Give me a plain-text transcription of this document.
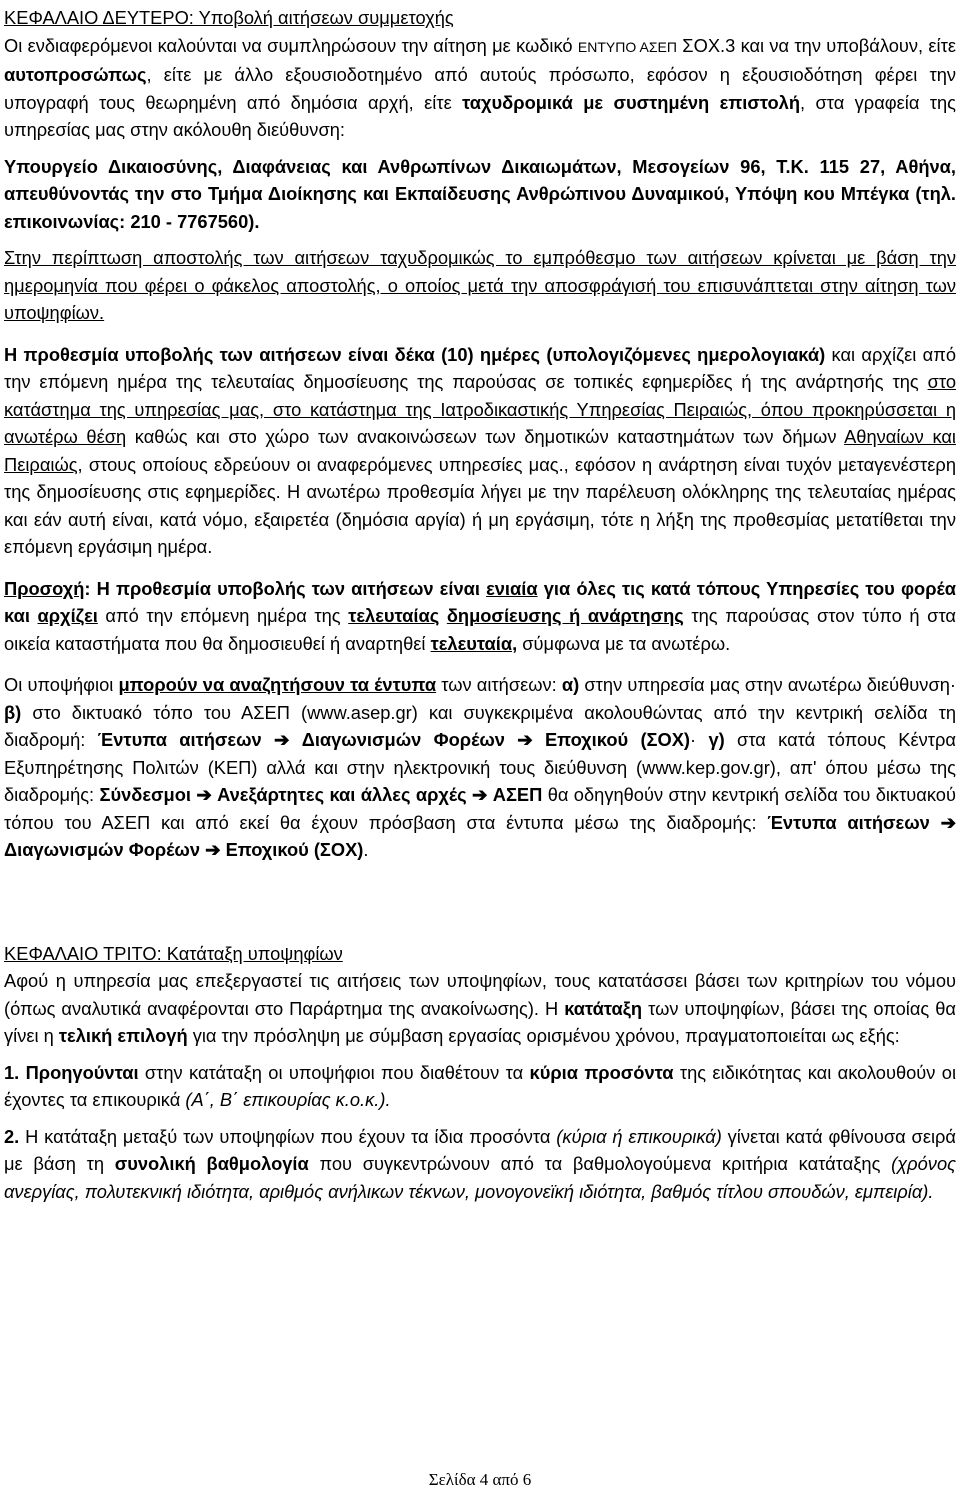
ΚΕΦΑΛΑΙΟ ΔΕΥΤΕΡΟ: Υποβολή αιτήσεων συμμετοχής

Οι ενδιαφερόμενοι καλούνται να συμπληρώσουν την αίτηση με κωδικό ΕΝΤΥΠΟ ΑΣΕΠ ΣΟΧ.3 και να την υποβάλουν, είτε αυτοπροσώπως, είτε με άλλο εξουσιοδοτημένο από αυτούς πρόσωπο, εφόσον η εξουσιοδότηση φέρει την υπογραφή τους θεωρημένη από δημόσια αρχή, είτε ταχυδρομικά με συστημένη επιστολή, στα γραφεία της υπηρεσίας μας στην ακόλουθη διεύθυνση:

Υπουργείο Δικαιοσύνης, Διαφάνειας και Ανθρωπίνων Δικαιωμάτων, Μεσογείων 96, Τ.Κ. 115 27, Αθήνα, απευθύνοντάς την στο Τμήμα Διοίκησης και Εκπαίδευσης Ανθρώπινου Δυναμικού, Υπόψη κου Μπέγκα (τηλ. επικοινωνίας: 210 - 7767560).

Στην περίπτωση αποστολής των αιτήσεων ταχυδρομικώς το εμπρόθεσμο των αιτήσεων κρίνεται με βάση την ημερομηνία που φέρει ο φάκελος αποστολής, ο οποίος μετά την αποσφράγισή του επισυνάπτεται στην αίτηση των υποψηφίων.

Η προθεσμία υποβολής των αιτήσεων είναι δέκα (10) ημέρες (υπολογιζόμενες ημερολογιακά) και αρχίζει από την επόμενη ημέρα της τελευταίας δημοσίευσης της παρούσας σε τοπικές εφημερίδες ή της ανάρτησής της στο κατάστημα της υπηρεσίας μας, στο κατάστημα της Ιατροδικαστικής Υπηρεσίας Πειραιώς, όπου προκηρύσσεται η ανωτέρω θέση καθώς και στο χώρο των ανακοινώσεων των δημοτικών καταστημάτων των δήμων Αθηναίων και Πειραιώς, στους οποίους εδρεύουν οι αναφερόμενες υπηρεσίες μας., εφόσον η ανάρτηση είναι τυχόν μεταγενέστερη της δημοσίευσης στις εφημερίδες. Η ανωτέρω προθεσμία λήγει με την παρέλευση ολόκληρης της τελευταίας ημέρας και εάν αυτή είναι, κατά νόμο, εξαιρετέα (δημόσια αργία) ή μη εργάσιμη, τότε η λήξη της προθεσμίας μετατίθεται την επόμενη εργάσιμη ημέρα.

Προσοχή: Η προθεσμία υποβολής των αιτήσεων είναι ενιαία για όλες τις κατά τόπους Υπηρεσίες του φορέα και αρχίζει από την επόμενη ημέρα της τελευταίας δημοσίευσης ή ανάρτησης της παρούσας στον τύπο ή στα οικεία καταστήματα που θα δημοσιευθεί ή αναρτηθεί τελευταία, σύμφωνα με τα ανωτέρω.

Οι υποψήφιοι μπορούν να αναζητήσουν τα έντυπα των αιτήσεων: α) στην υπηρεσία μας στην ανωτέρω διεύθυνση· β) στο δικτυακό τόπο του ΑΣΕΠ (www.asep.gr) και συγκεκριμένα ακολουθώντας από την κεντρική σελίδα τη διαδρομή: Έντυπα αιτήσεων ➔ Διαγωνισμών Φορέων ➔ Εποχικού (ΣΟΧ)· γ) στα κατά τόπους Κέντρα Εξυπηρέτησης Πολιτών (ΚΕΠ) αλλά και στην ηλεκτρονική τους διεύθυνση (www.kep.gov.gr), απ' όπου μέσω της διαδρομής: Σύνδεσμοι ➔ Ανεξάρτητες και άλλες αρχές ➔ ΑΣΕΠ θα οδηγηθούν στην κεντρική σελίδα του δικτυακού τόπου του ΑΣΕΠ και από εκεί θα έχουν πρόσβαση στα έντυπα μέσω της διαδρομής: Έντυπα αιτήσεων ➔ Διαγωνισμών Φορέων ➔ Εποχικού (ΣΟΧ).

ΚΕΦΑΛΑΙΟ ΤΡΙΤΟ: Κατάταξη υποψηφίων

Αφού η υπηρεσία μας επεξεργαστεί τις αιτήσεις των υποψηφίων, τους κατατάσσει βάσει των κριτηρίων του νόμου (όπως αναλυτικά αναφέρονται στο Παράρτημα της ανακοίνωσης). Η κατάταξη των υποψηφίων, βάσει της οποίας θα γίνει η τελική επιλογή για την πρόσληψη με σύμβαση εργασίας ορισμένου χρόνου, πραγματοποιείται ως εξής:

1. Προηγούνται στην κατάταξη οι υποψήφιοι που διαθέτουν τα κύρια προσόντα της ειδικότητας και ακολουθούν οι έχοντες τα επικουρικά (Α΄, Β΄ επικουρίας κ.ο.κ.).

2. Η κατάταξη μεταξύ των υποψηφίων που έχουν τα ίδια προσόντα (κύρια ή επικουρικά) γίνεται κατά φθίνουσα σειρά με βάση τη συνολική βαθμολογία που συγκεντρώνουν από τα βαθμολογούμενα κριτήρια κατάταξης (χρόνος ανεργίας, πολυτεκνική ιδιότητα, αριθμός ανήλικων τέκνων, μονογονεϊκή ιδιότητα, βαθμός τίτλου σπουδών, εμπειρία).

Σελίδα 4 από 6
